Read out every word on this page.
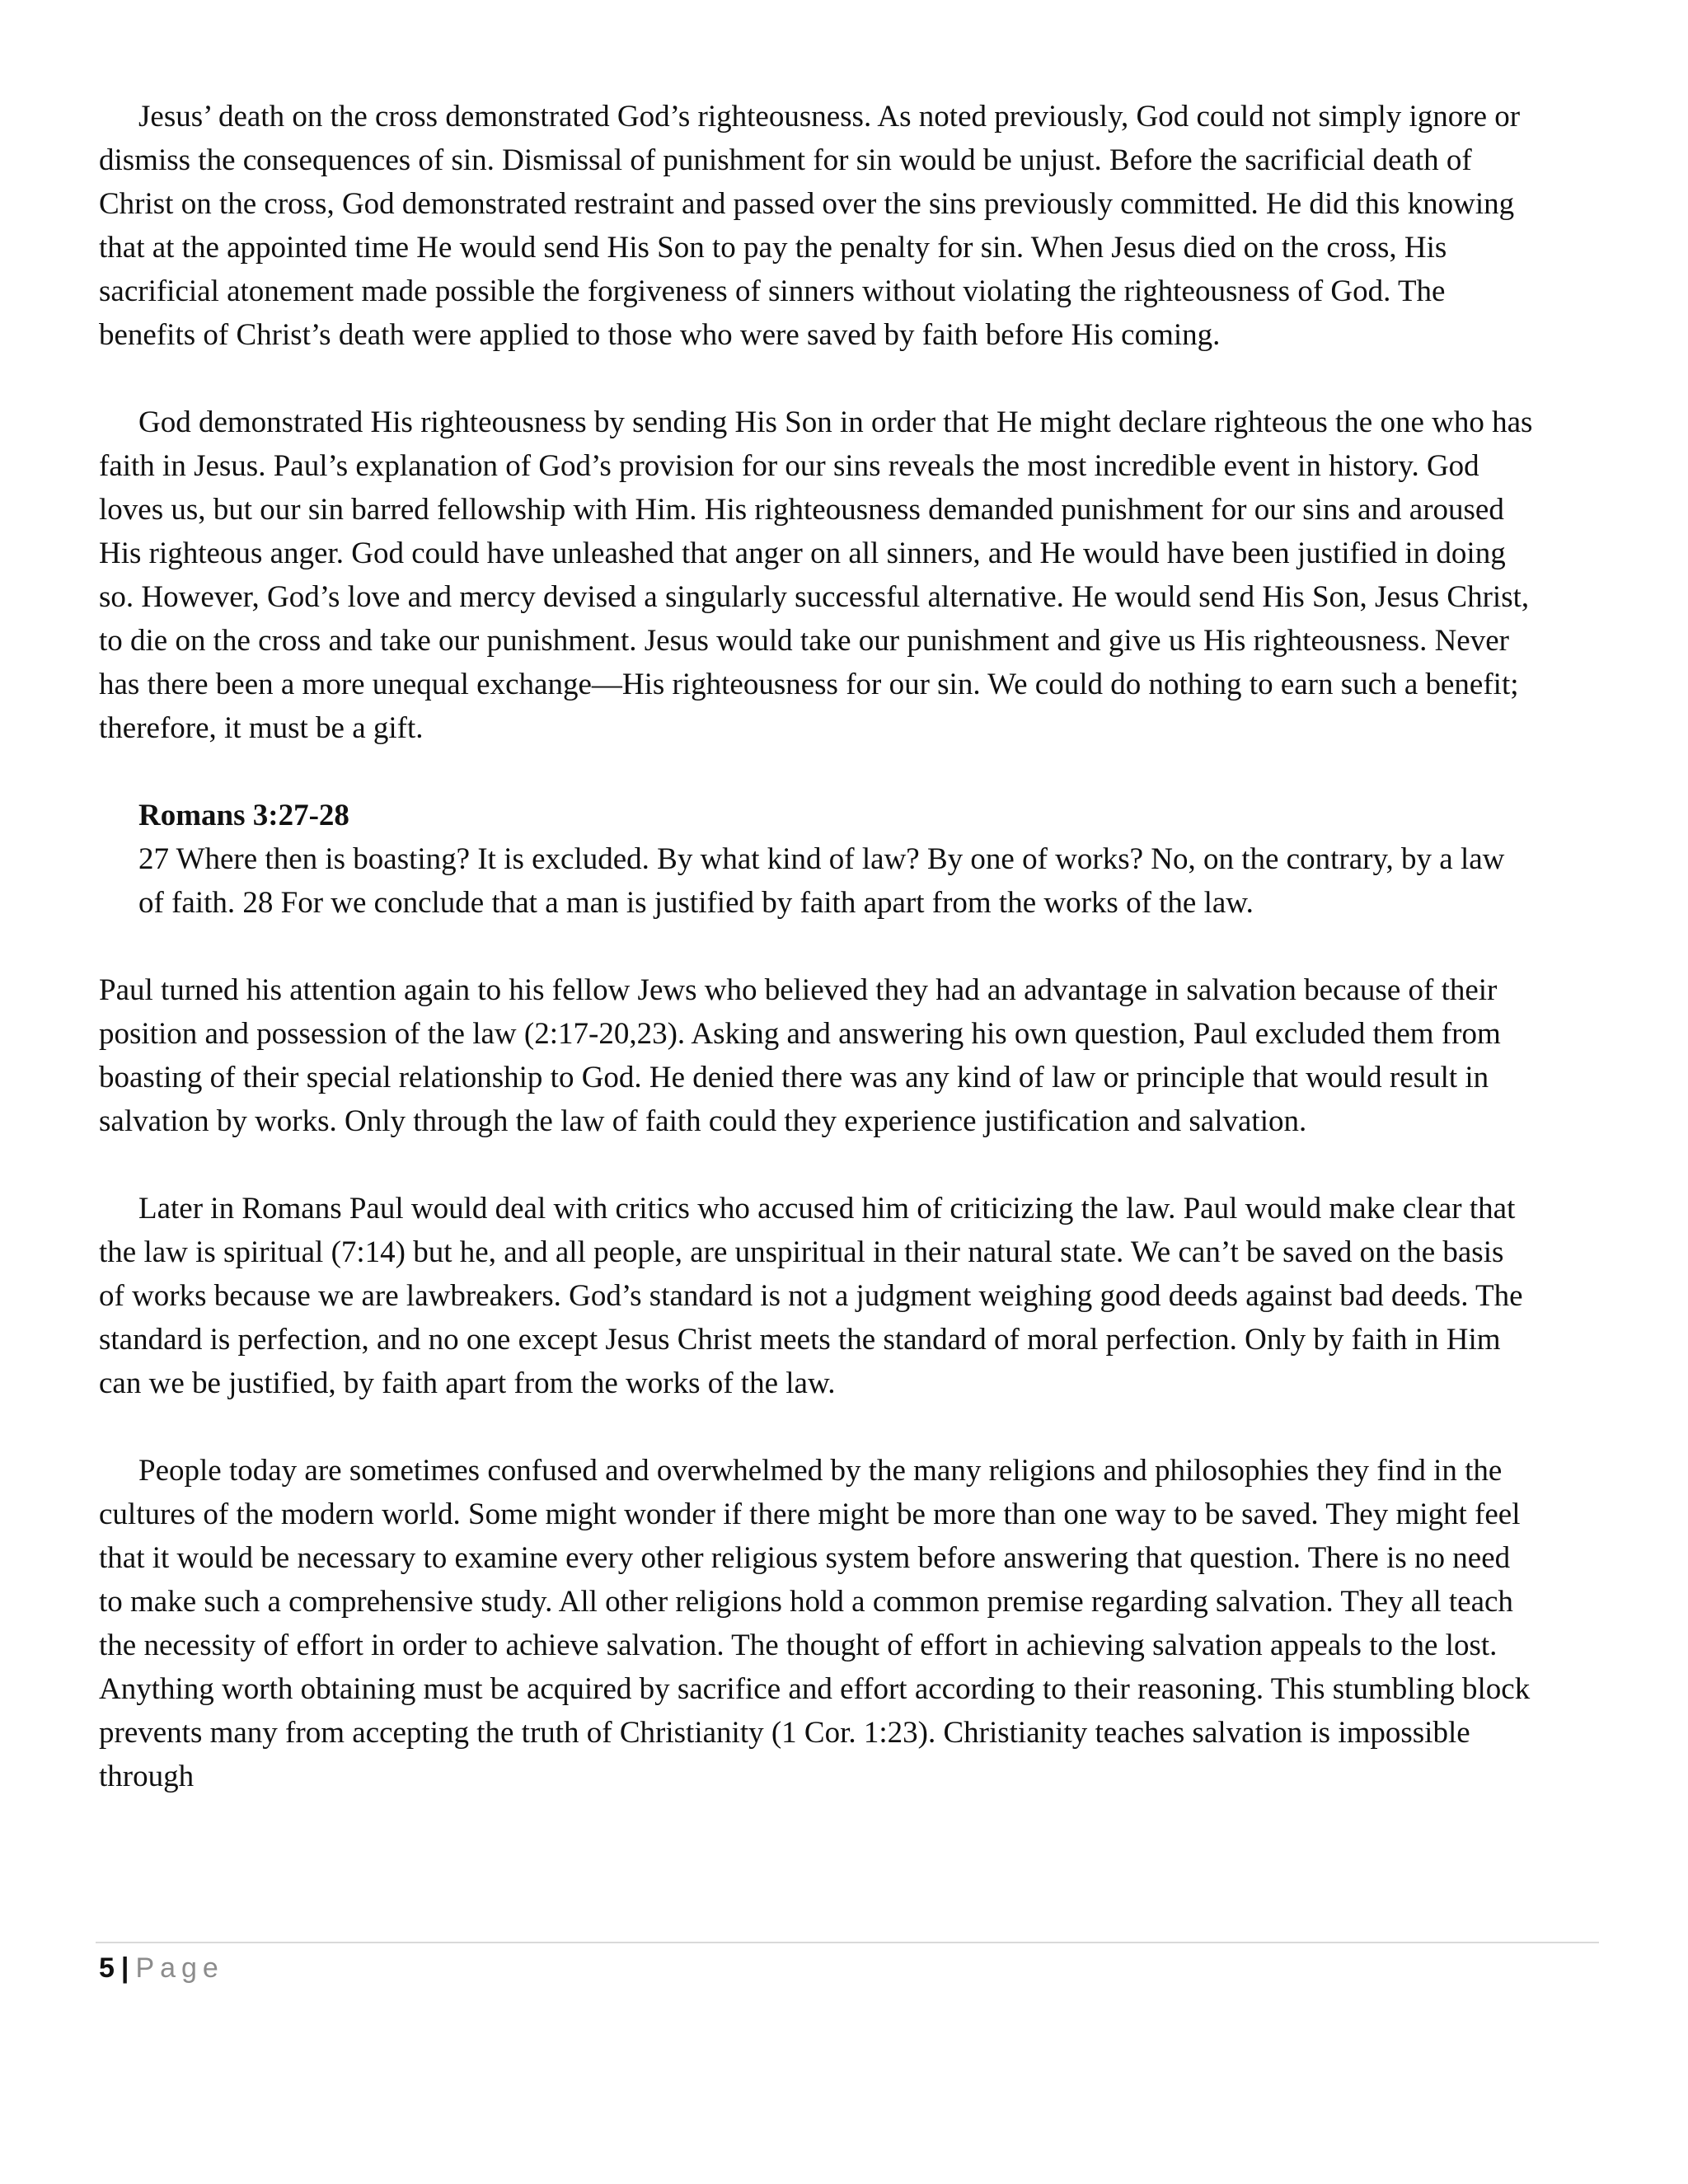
Jesus’ death on the cross demonstrated God’s righteousness. As noted previously, God could not simply ignore or dismiss the consequences of sin. Dismissal of punishment for sin would be unjust. Before the sacrificial death of Christ on the cross, God demonstrated restraint and passed over the sins previously committed. He did this knowing that at the appointed time He would send His Son to pay the penalty for sin. When Jesus died on the cross, His sacrificial atonement made possible the forgiveness of sinners without violating the righteousness of God. The benefits of Christ’s death were applied to those who were saved by faith before His coming.

God demonstrated His righteousness by sending His Son in order that He might declare righteous the one who has faith in Jesus. Paul’s explanation of God’s provision for our sins reveals the most incredible event in history. God loves us, but our sin barred fellowship with Him. His righteousness demanded punishment for our sins and aroused His righteous anger. God could have unleashed that anger on all sinners, and He would have been justified in doing so. However, God’s love and mercy devised a singularly successful alternative. He would send His Son, Jesus Christ, to die on the cross and take our punishment. Jesus would take our punishment and give us His righteousness. Never has there been a more unequal exchange—His righteousness for our sin. We could do nothing to earn such a benefit; therefore, it must be a gift.

Romans 3:27-28
27 Where then is boasting? It is excluded. By what kind of law? By one of works? No, on the contrary, by a law of faith. 28 For we conclude that a man is justified by faith apart from the works of the law.

Paul turned his attention again to his fellow Jews who believed they had an advantage in salvation because of their position and possession of the law (2:17-20,23). Asking and answering his own question, Paul excluded them from boasting of their special relationship to God. He denied there was any kind of law or principle that would result in salvation by works. Only through the law of faith could they experience justification and salvation.

Later in Romans Paul would deal with critics who accused him of criticizing the law. Paul would make clear that the law is spiritual (7:14) but he, and all people, are unspiritual in their natural state. We can’t be saved on the basis of works because we are lawbreakers. God’s standard is not a judgment weighing good deeds against bad deeds. The standard is perfection, and no one except Jesus Christ meets the standard of moral perfection. Only by faith in Him can we be justified, by faith apart from the works of the law.

People today are sometimes confused and overwhelmed by the many religions and philosophies they find in the cultures of the modern world. Some might wonder if there might be more than one way to be saved. They might feel that it would be necessary to examine every other religious system before answering that question. There is no need to make such a comprehensive study. All other religions hold a common premise regarding salvation. They all teach the necessity of effort in order to achieve salvation. The thought of effort in achieving salvation appeals to the lost. Anything worth obtaining must be acquired by sacrifice and effort according to their reasoning. This stumbling block prevents many from accepting the truth of Christianity (1 Cor. 1:23). Christianity teaches salvation is impossible through

5 | Page
